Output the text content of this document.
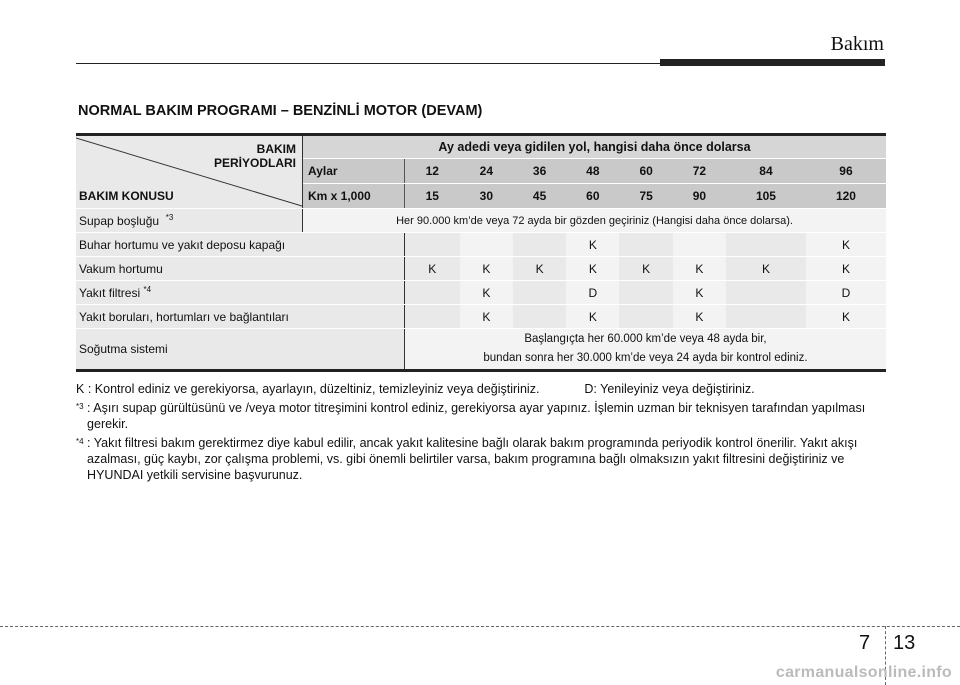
Bakım
NORMAL BAKIM PROGRAMI – BENZİNLİ MOTOR (DEVAM)
BAKIM
PERİYODLARI
BAKIM KONUSU	Ay adedi veya gidilen yol, hangisi daha önce dolarsa								
	Aylar	12	24	36	48	60	72	84	96
	Km x 1,000	15	30	45	60	75	90	105	120
Supap boşluğu $^{*3}$	Her 90.000 km’de veya 72 ayda bir gözden geçiriniz (Hangisi daha önce dolarsa).								
Buhar hortumu ve yakıt deposu kapağı					K				K
Vakum hortumu		K	K	K	K	K	K	K	K
Yakıt filtresi $^{*4}$			K		D		K		D
Yakıt boruları, hortumları ve bağlantıları			K		K		K		K
Soğutma sistemi		Başlangıçta her 60.000 km’de veya 48 ayda bir,
bundan sonra her 30.000 km’de veya 24 ayda bir kontrol ediniz.							
K : Kontrol ediniz ve gerekiyorsa, ayarlayın, düzeltiniz, temizleyiniz veya değiştiriniz.	D: Yenileyiniz veya değiştiriniz.
$^{*3}$ : Aşırı supap gürültüsünü ve /veya motor titreşimini kontrol ediniz, gerekiyorsa ayar yapınız. İşlemin uzman bir teknisyen tarafından yapılması gerekir.
$^{*4}$ : Yakıt filtresi bakım gerektirmez diye kabul edilir, ancak yakıt kalitesine bağlı olarak bakım programında periyodik kontrol önerilir. Yakıt akışı azalması, güç kaybı, zor çalışma problemi, vs. gibi önemli belirtiler varsa, bakım programına bağlı olmaksızın yakıt filtresini değiştiriniz ve HYUNDAI yetkili servisine başvurunuz.
7 13
carmanualsonline.info
